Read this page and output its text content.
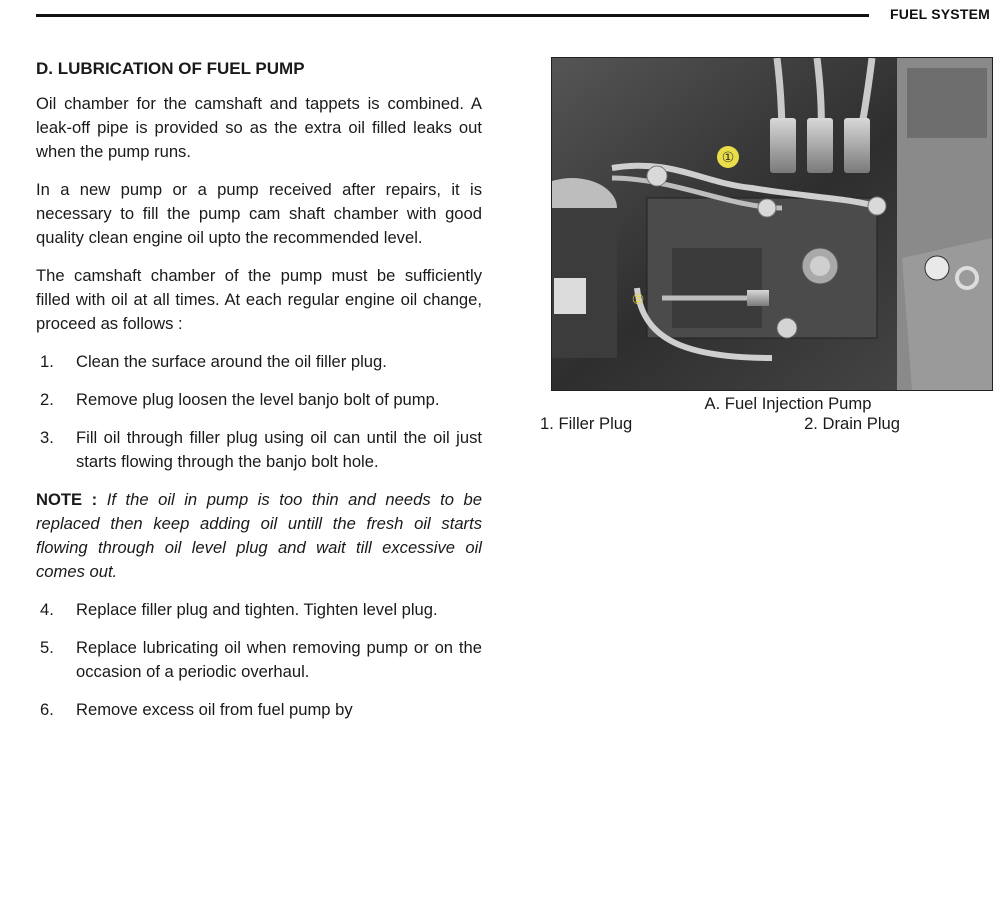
FUEL SYSTEM
D. LUBRICATION OF FUEL PUMP

Oil chamber for the camshaft and tappets is combined. A leak-off pipe is provided so as the extra oil filled leaks out when the pump runs.

In a new pump or a pump received after repairs, it is necessary to fill the pump cam shaft chamber with good quality clean engine oil upto the recommended level.

The camshaft chamber of the pump must be sufficiently filled with oil at all times. At each regular engine oil change, proceed as follows :

1. Clean the surface around the oil filler plug.
2. Remove plug loosen the level banjo bolt of pump.
3. Fill oil through filler plug using oil can until the oil just starts flowing through the banjo bolt hole.
NOTE : If the oil in pump is too thin and needs to be replaced then keep adding oil untill the fresh oil starts flowing through oil level plug and wait till excessive oil comes out.
4. Replace filler plug and tighten. Tighten level plug.
5. Replace lubricating oil when removing pump or on the occasion of a periodic overhaul.
6. Remove excess oil from fuel pump by
①
②
A. Fuel Injection Pump
1. Filler Plug	2. Drain Plug
